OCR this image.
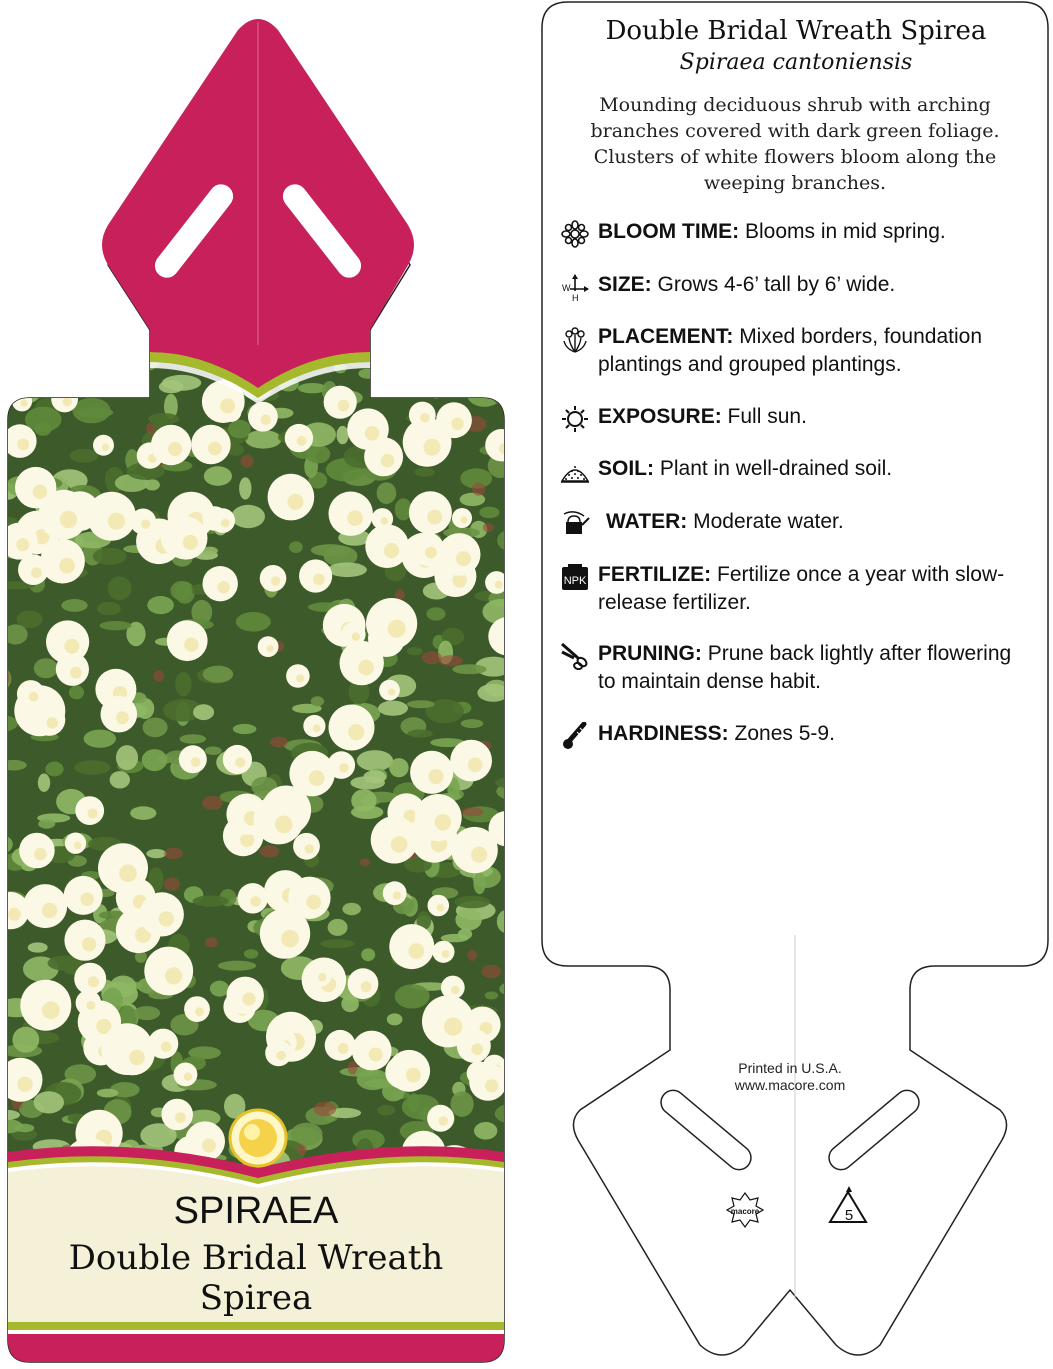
macore	5
Double Bridal Wreath Spirea
Spiraea cantoniensis
Mounding deciduous shrub with arching branches covered with dark green foliage. Clusters of white flowers bloom along the weeping branches.
BLOOM TIME: Blooms in mid spring.
W
H
SIZE: Grows 4-6’ tall by 6’ wide.
PLACEMENT: Mixed borders, foundation plantings and grouped plantings.
EXPOSURE: Full sun.
SOIL: Plant in well-drained soil.
WATER: Moderate water.
NPK FERTILIZE: Fertilize once a year with slow-release fertilizer.
PRUNING: Prune back lightly after flowering to maintain dense habit.
HARDINESS: Zones 5-9.
Printed in U.S.A.
www.macore.com
SPIRAEA
Double Bridal Wreath Spirea
